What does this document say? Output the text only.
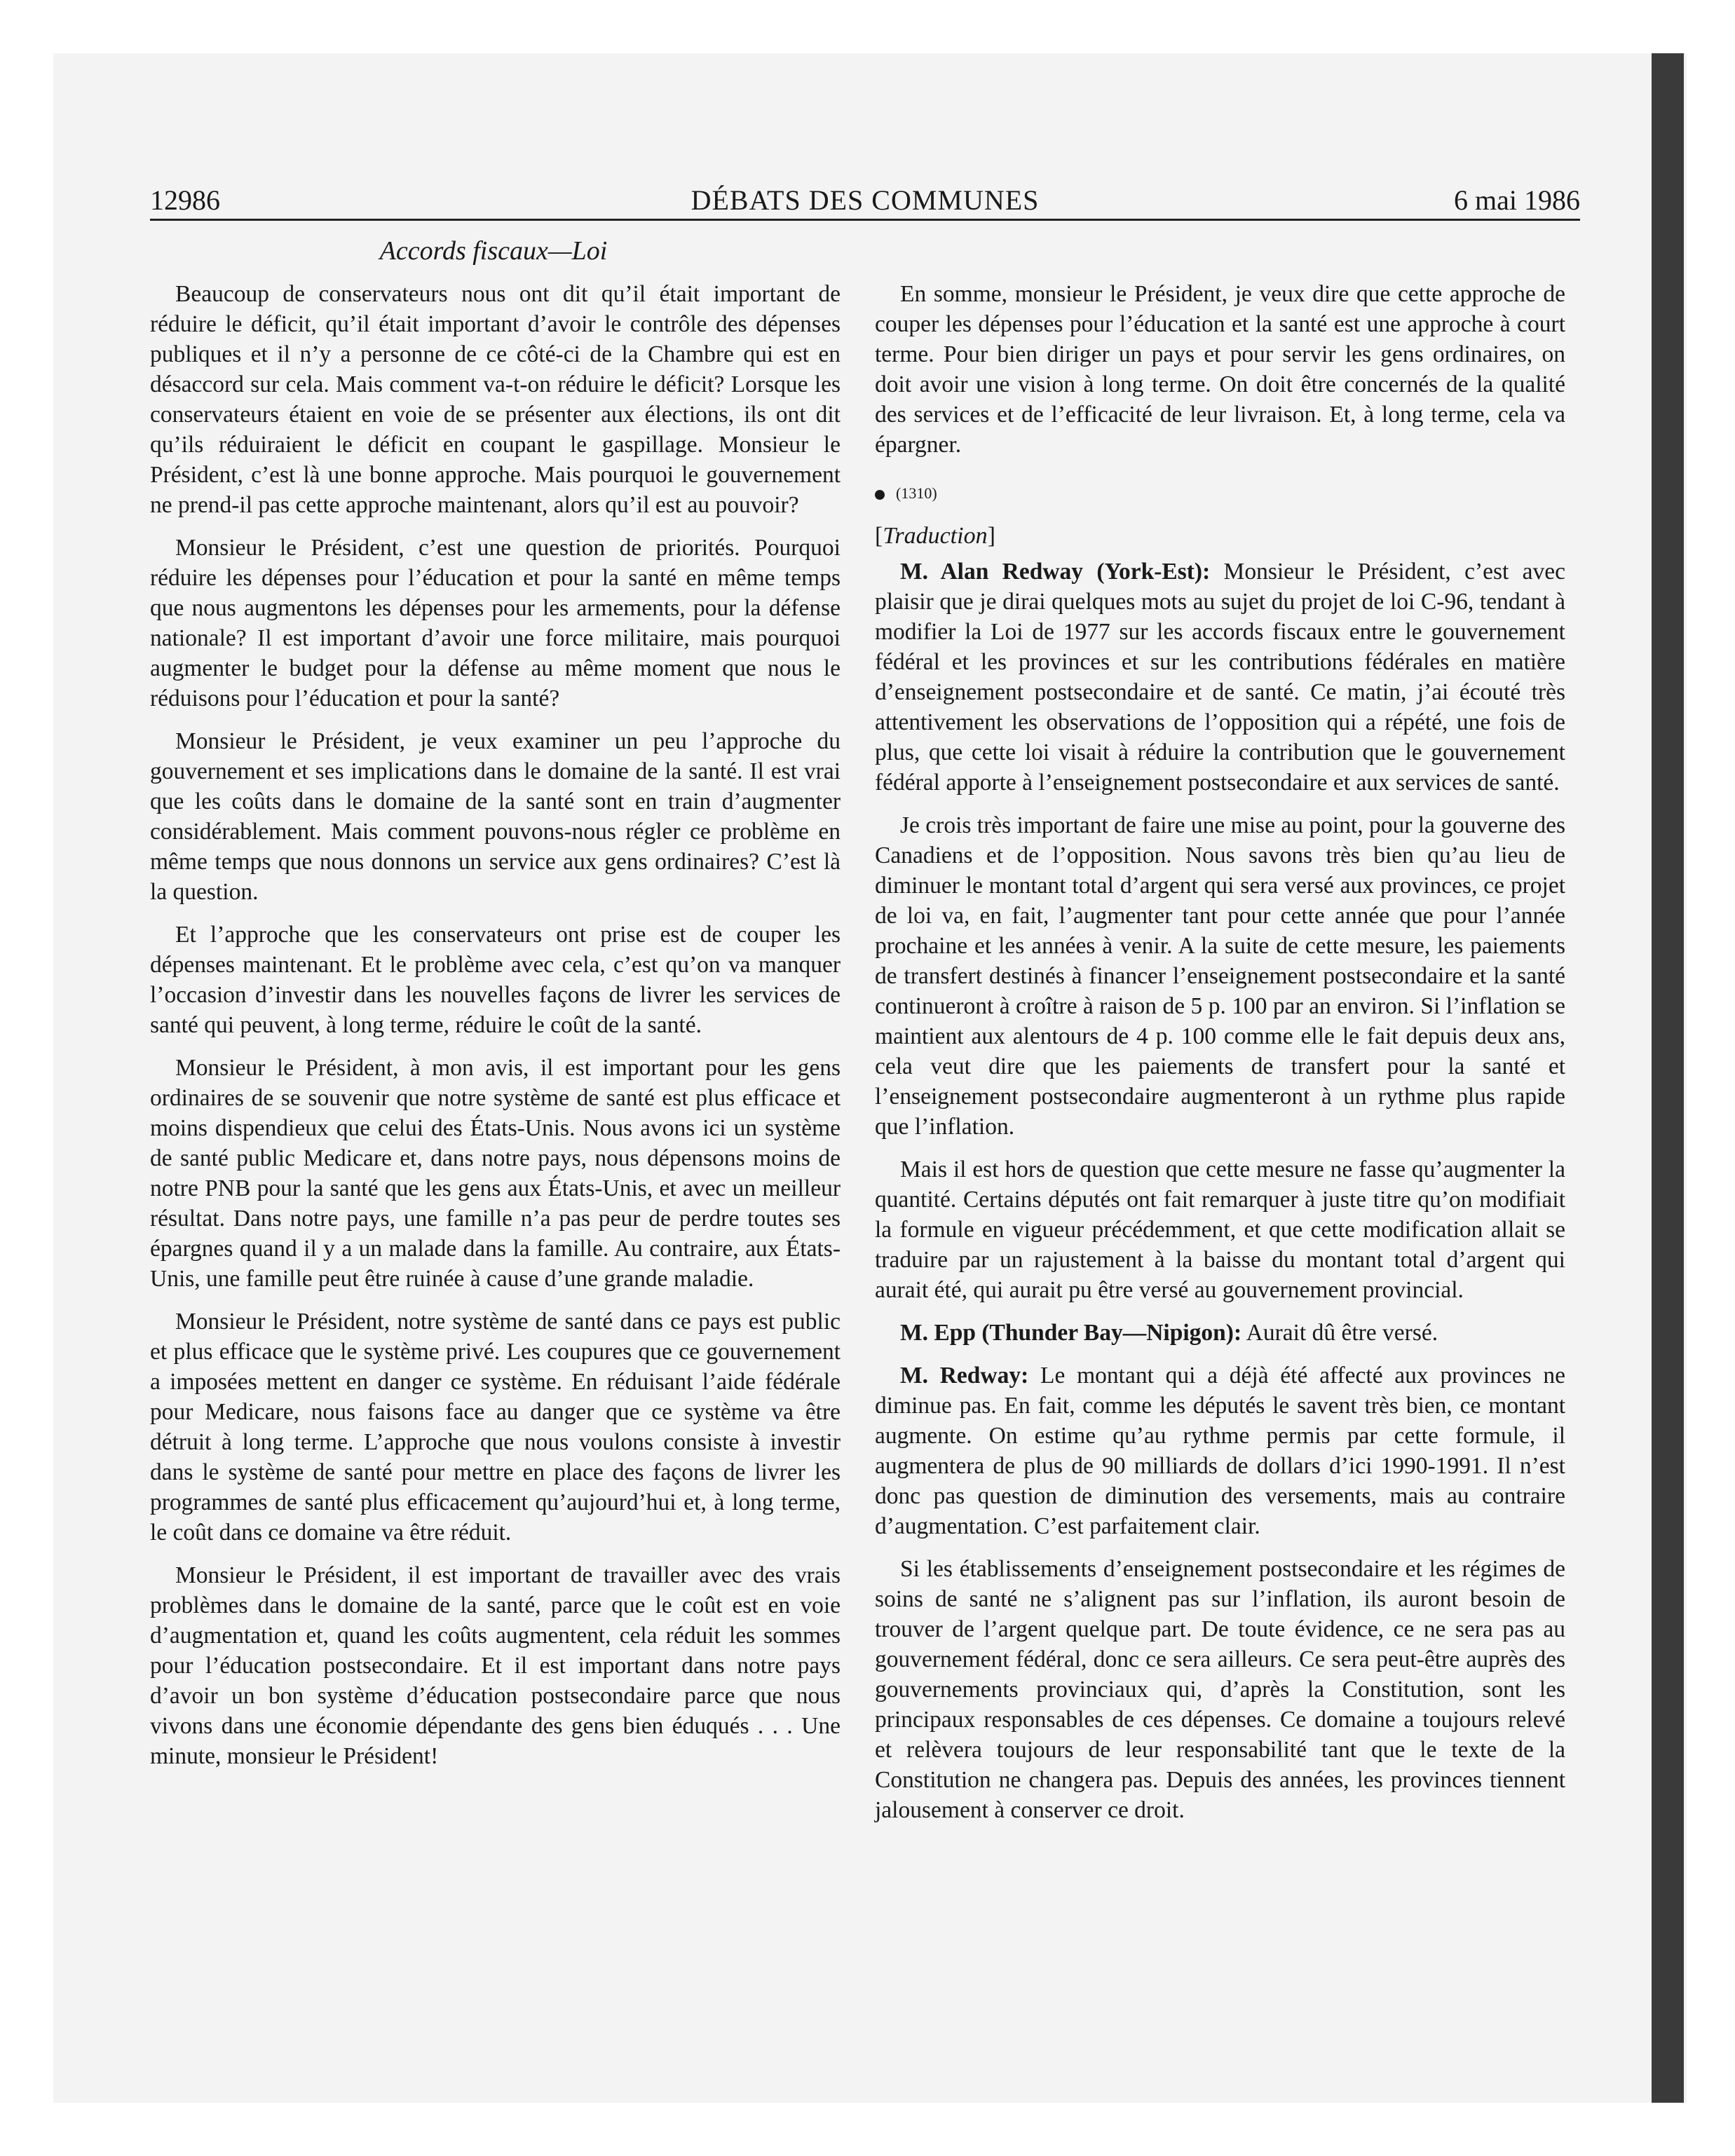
12986	DÉBATS DES COMMUNES	6 mai 1986
Accords fiscaux—Loi

Beaucoup de conservateurs nous ont dit qu’il était important de réduire le déficit, qu’il était important d’avoir le contrôle des dépenses publiques et il n’y a personne de ce côté-ci de la Chambre qui est en désaccord sur cela. Mais comment va-t-on réduire le déficit? Lorsque les conservateurs étaient en voie de se présenter aux élections, ils ont dit qu’ils réduiraient le déficit en coupant le gaspillage. Monsieur le Président, c’est là une bonne approche. Mais pourquoi le gouvernement ne prend-il pas cette approche maintenant, alors qu’il est au pouvoir?

Monsieur le Président, c’est une question de priorités. Pourquoi réduire les dépenses pour l’éducation et pour la santé en même temps que nous augmentons les dépenses pour les armements, pour la défense nationale? Il est important d’avoir une force militaire, mais pourquoi augmenter le budget pour la défense au même moment que nous le réduisons pour l’éducation et pour la santé?

Monsieur le Président, je veux examiner un peu l’approche du gouvernement et ses implications dans le domaine de la santé. Il est vrai que les coûts dans le domaine de la santé sont en train d’augmenter considérablement. Mais comment pouvons-nous régler ce problème en même temps que nous donnons un service aux gens ordinaires? C’est là la question.

Et l’approche que les conservateurs ont prise est de couper les dépenses maintenant. Et le problème avec cela, c’est qu’on va manquer l’occasion d’investir dans les nouvelles façons de livrer les services de santé qui peuvent, à long terme, réduire le coût de la santé.

Monsieur le Président, à mon avis, il est important pour les gens ordinaires de se souvenir que notre système de santé est plus efficace et moins dispendieux que celui des États-Unis. Nous avons ici un système de santé public Medicare et, dans notre pays, nous dépensons moins de notre PNB pour la santé que les gens aux États-Unis, et avec un meilleur résultat. Dans notre pays, une famille n’a pas peur de perdre toutes ses épargnes quand il y a un malade dans la famille. Au contraire, aux États-Unis, une famille peut être ruinée à cause d’une grande maladie.

Monsieur le Président, notre système de santé dans ce pays est public et plus efficace que le système privé. Les coupures que ce gouvernement a imposées mettent en danger ce système. En réduisant l’aide fédérale pour Medicare, nous faisons face au danger que ce système va être détruit à long terme. L’approche que nous voulons consiste à investir dans le système de santé pour mettre en place des façons de livrer les programmes de santé plus efficacement qu’aujourd’hui et, à long terme, le coût dans ce domaine va être réduit.

Monsieur le Président, il est important de travailler avec des vrais problèmes dans le domaine de la santé, parce que le coût est en voie d’augmentation et, quand les coûts augmentent, cela réduit les sommes pour l’éducation postsecondaire. Et il est important dans notre pays d’avoir un bon système d’éducation postsecondaire parce que nous vivons dans une économie dépendante des gens bien éduqués . . . Une minute, monsieur le Président!

En somme, monsieur le Président, je veux dire que cette approche de couper les dépenses pour l’éducation et la santé est une approche à court terme. Pour bien diriger un pays et pour servir les gens ordinaires, on doit avoir une vision à long terme. On doit être concernés de la qualité des services et de l’efficacité de leur livraison. Et, à long terme, cela va épargner.

(1310)
[Traduction]

M. Alan Redway (York-Est): Monsieur le Président, c’est avec plaisir que je dirai quelques mots au sujet du projet de loi C-96, tendant à modifier la Loi de 1977 sur les accords fiscaux entre le gouvernement fédéral et les provinces et sur les contributions fédérales en matière d’enseignement postsecondaire et de santé. Ce matin, j’ai écouté très attentivement les observations de l’opposition qui a répété, une fois de plus, que cette loi visait à réduire la contribution que le gouvernement fédéral apporte à l’enseignement postsecondaire et aux services de santé.

Je crois très important de faire une mise au point, pour la gouverne des Canadiens et de l’opposition. Nous savons très bien qu’au lieu de diminuer le montant total d’argent qui sera versé aux provinces, ce projet de loi va, en fait, l’augmenter tant pour cette année que pour l’année prochaine et les années à venir. A la suite de cette mesure, les paiements de transfert destinés à financer l’enseignement postsecondaire et la santé continueront à croître à raison de 5 p. 100 par an environ. Si l’inflation se maintient aux alentours de 4 p. 100 comme elle le fait depuis deux ans, cela veut dire que les paiements de transfert pour la santé et l’enseignement postsecondaire augmenteront à un rythme plus rapide que l’inflation.

Mais il est hors de question que cette mesure ne fasse qu’augmenter la quantité. Certains députés ont fait remarquer à juste titre qu’on modifiait la formule en vigueur précédemment, et que cette modification allait se traduire par un rajustement à la baisse du montant total d’argent qui aurait été, qui aurait pu être versé au gouvernement provincial.

M. Epp (Thunder Bay—Nipigon): Aurait dû être versé.

M. Redway: Le montant qui a déjà été affecté aux provinces ne diminue pas. En fait, comme les députés le savent très bien, ce montant augmente. On estime qu’au rythme permis par cette formule, il augmentera de plus de 90 milliards de dollars d’ici 1990-1991. Il n’est donc pas question de diminution des versements, mais au contraire d’augmentation. C’est parfaitement clair.

Si les établissements d’enseignement postsecondaire et les régimes de soins de santé ne s’alignent pas sur l’inflation, ils auront besoin de trouver de l’argent quelque part. De toute évidence, ce ne sera pas au gouvernement fédéral, donc ce sera ailleurs. Ce sera peut-être auprès des gouvernements provinciaux qui, d’après la Constitution, sont les principaux responsables de ces dépenses. Ce domaine a toujours relevé et relèvera toujours de leur responsabilité tant que le texte de la Constitution ne changera pas. Depuis des années, les provinces tiennent jalousement à conserver ce droit.
